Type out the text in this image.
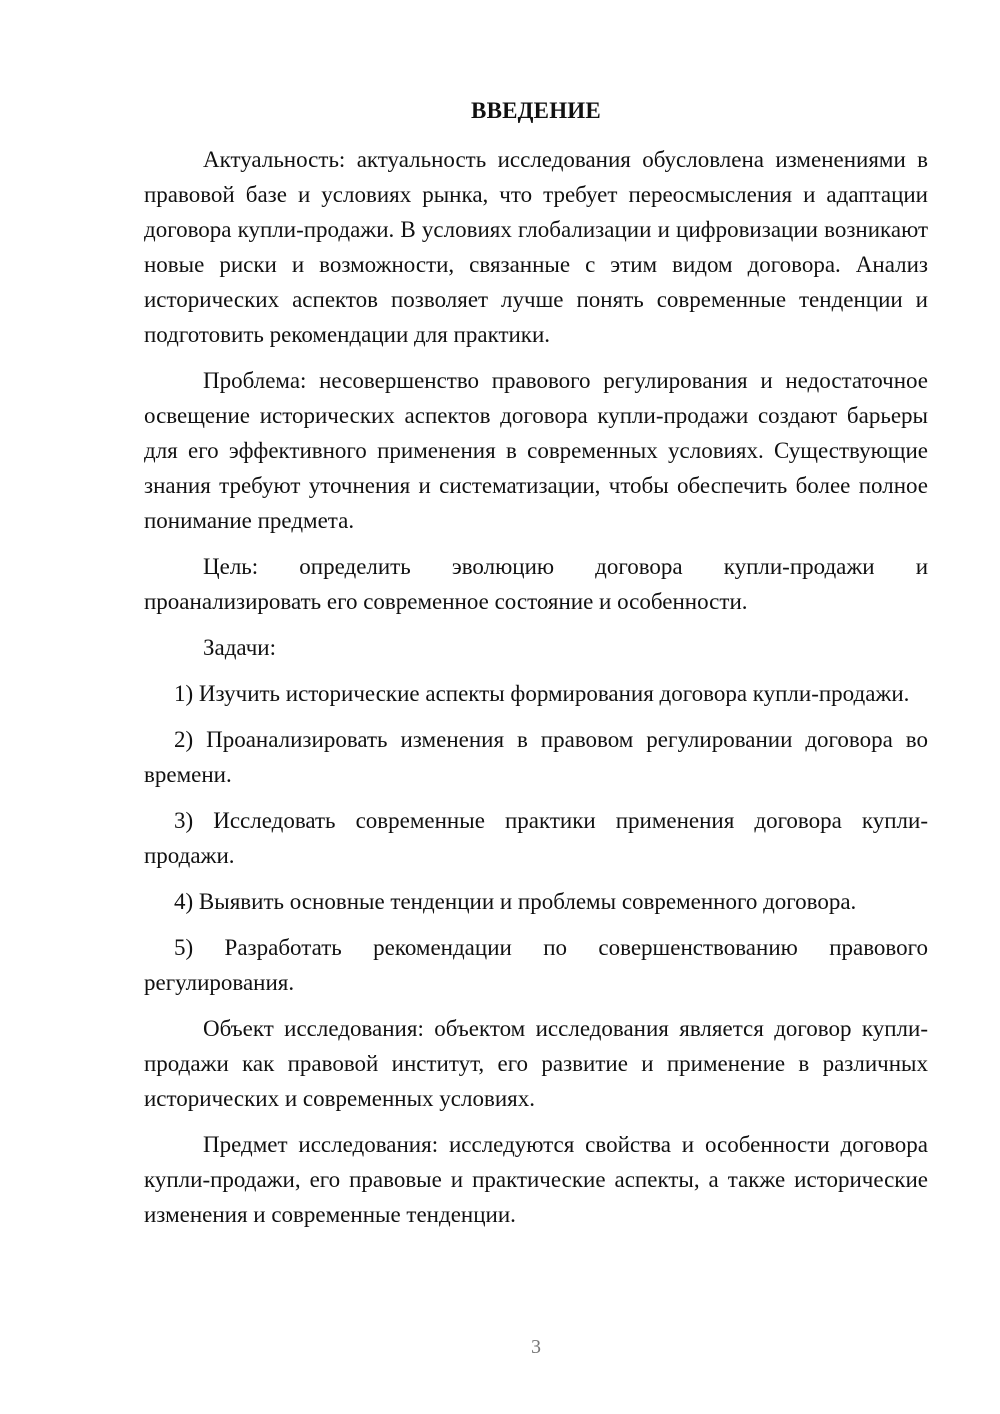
ВВЕДЕНИЕ

Актуальность: актуальность исследования обусловлена изменениями в правовой базе и условиях рынка, что требует переосмысления и адаптации договора купли-продажи. В условиях глобализации и цифровизации возникают новые риски и возможности, связанные с этим видом договора. Анализ исторических аспектов позволяет лучше понять современные тенденции и подготовить рекомендации для практики.

Проблема: несовершенство правового регулирования и недостаточное освещение исторических аспектов договора купли-продажи создают барьеры для его эффективного применения в современных условиях. Существующие знания требуют уточнения и систематизации, чтобы обеспечить более полное понимание предмета.

Цель: определить эволюцию договора купли-продажи и проанализировать его современное состояние и особенности.

Задачи:

1) Изучить исторические аспекты формирования договора купли-продажи.

2) Проанализировать изменения в правовом регулировании договора во времени.

3) Исследовать современные практики применения договора купли-продажи.

4) Выявить основные тенденции и проблемы современного договора.

5) Разработать рекомендации по совершенствованию правового регулирования.

Объект исследования: объектом исследования является договор купли-продажи как правовой институт, его развитие и применение в различных исторических и современных условиях.

Предмет исследования: исследуются свойства и особенности договора купли-продажи, его правовые и практические аспекты, а также исторические изменения и современные тенденции.

3
